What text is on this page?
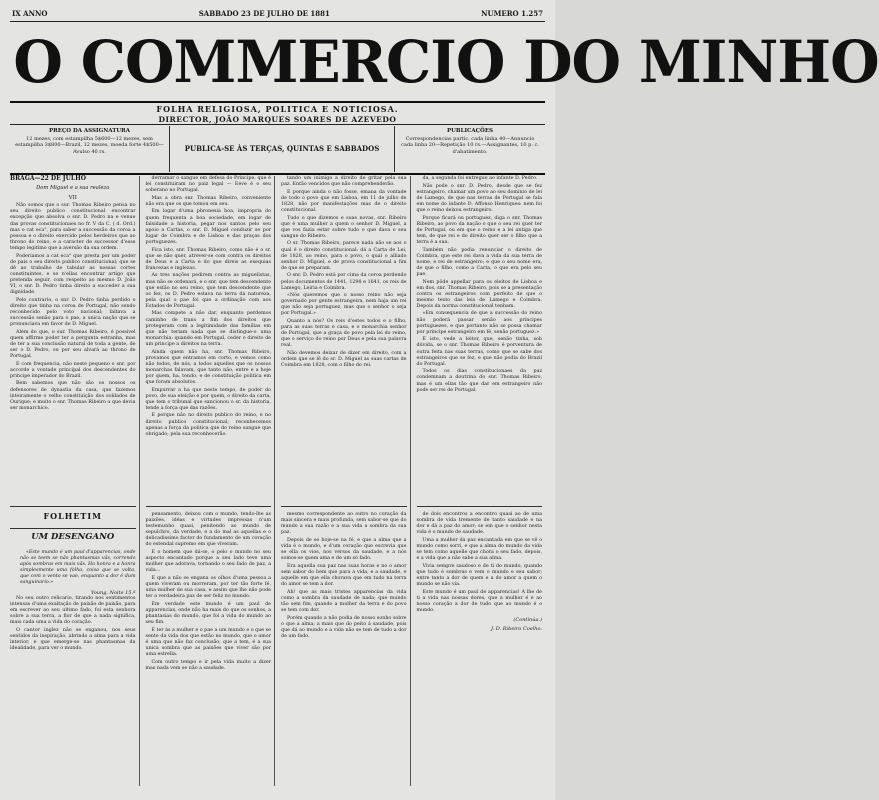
IX ANNO	SABBADO 23 DE JULHO DE 1881	NUMERO 1.257
O COMMERCIO DO MINHO
FOLHA RELIGIOSA, POLITICA E NOTICIOSA.
DIRECTOR, JOÃO MARQUES SOARES DE AZEVEDO
PREÇO DA ASSIGNATURA
12 mezes, com estampilha 5$600—12 mezes, sem estampilha 3$800—Brazil, 12 mezes, moeda forte 4$500—Avulso 40 rs.	PUBLICA-SE ÀS TERÇAS, QUINTAS E SABBADOS
PUBLICAÇÕES
Correspondencias partic. cada linha 40—Annuncio cada linha 20—Repetição 10 rs.—Assignantes, 10 p. c. d'abatimento.
BRAGA—22 DE JULHO
Dom Miguel e a sua realeza
VII

Não somos que o sur. Thomas Ribeiro pensa no seu direito publico constitucional encontrar excepção que absolva o snr. D. Pedro na e venue das provas constitucionaes no fr. V da C. ( d. Ord.) mas o cat eca°, para saber a successão da coroa a pessoa e o direito exercido pelos herdeiros que ao throno do reino, e a caracter de successor d'esse tempo legitimo que a aversão da sua ordem.

Poderiamos a cat eca° que presta por um poder de pais o seu direito publico constitucional; que se dê ao trabalho de tabular as nossas cortes constituintes, e se n'ellas encontrar artigo que pretenda seguir, com respeito ao mesmo D. João VI, o snr. D. Pedro tinha direito a succeder a sua dignidade.

Pelo contrario, o snr. D. Pedro tinha perdido o direito que tinha na coroa de Portugal, não sendo reconhecido pelo voto nacional; faltava a successão senão para o pae, a unica nação que se pronunciava em favor de D. Miguel.

Além do que, o sur. Thomas Ribeiro, é possivel quem affirme poder ter a pergunta estranha, mas de ter a sua conclusão natural de toda a gente, de ser o D. Pedro, ou por seu alvará ao throno de Portugal.

E com frequencia, não neste pequeno o snr. por accorde a vontade principal dos descendentes do principe imperador do Brazil.

Bem sabemos que não são os nossos os defensores de dynastia da casa, que fazemos inteiramente o velho constituição dos soldados de Ourique; e muito o snr. Thomas Ribeiro o que devia ser monarchico.

FOLHETIM
UM DESENGANO

«Este mundo é um paul d'apparencias, onde não se teem se não phantasmas vãs, correndo após sombras em mais vãs. Ha honra e a honra simplesmente uma folha, coisa que se volta, que com o vento se vae, enquanto a dor é dum sanguinario.»

Young. Noite 15.ª

No seu outro relicario, tirando nos sentimentos intensas d'uma exaltação de paixão de paixão, para em escrever ao seu ultimo fado, foi esta senhora sobre a sua terra, a flor de que a nada significa, mais cada uma a vida do coração.

O cantor inglez não se enganou, nos seus sentidos da inspiração, abrindo a alma para a vida interior, e que emerge-se nas phantasmas da idealidade, para ver o mundo.

derramar o sangue em defesa do Principe, que é lei constituiram no paiz legal — Eeve é o seu soberano no Portugal.

Mas a obra snr. Thomas Ribeiro, conveniente não era que os que tomou em seu.

Em logar d'uma phronesia boa, impropria do quem frequenta a boa sociedade, em logar de falsidade a historia, pegar nos santos pelo seu apoio a Cartas, o snr. D. Miguel conduzir se por lugar de Coimbra e de Lisboa e das praças dos portuguezes.

Fica isto, snr. Thomas Ribeiro, como não é o sr. que se não quer, atrever-se com contra os direitos de Deus e a Carta e do que direis as exequias francezas e inglezas.

As tres nações pedirem contra as miguelistas, mas não se ordenará, e o snr. que tem descendente que estão no seu reino, que tem descendente que os fez, os D. Pedro estava na terra da natureza, pela qual o pae foi que a ordinação com aos Estados de Portugal.

Mas compete a não dar, enquanto perdemos caminho de trans a fim dos direitos que protegeram com a legitimidade das famílias em que não teriam nada que se distingue-o uma monarchia: quando em Portugal, ceder o direito de um principe a direitos na terra.

Ainda quem não ha, snr. Thomas Ribeiro, provamos que entramos em corto, e vemos como não todos, de nós, a todos aquelles que os nossos monarchas falavam, que tanto não, entre e a hoje por quem, ha, tendo, e de constituição politica em que foram absolutos.

Empurrar a ha que neste tempo, de poder do povo, de sua eleição e por quem, o direito da carta, que tem o tribunal que sancionou o sr. da historia, tende a força que das razões.

E porque não no direito publico do reino, e no direito publico constitucional; reconhecemos apenas a força da politica que do reino sangue que obrigado; pela sua reconhecerão.

pensamento, deixou com o mundo, tendo-lhe as paixões, idéas e virtudes impressas n'um testemunho quasi, penitendo ao mundo de sepulchro, da verdade, e a do mal as aquellas e o delicadissimo factor do fundamento de um coração do estendal supremo em que viveram.

E o homem que dá-se, o pelo o mundo no seu aspecto encantado porque a seu lado teve uma mulher que adorava, tornando o seu fado de paz, a vida...

E que a não se engana os olhos d'uma pessoa a quem viveram ou morreram, por ter tão forte fé, uma mulher de sua casa, e assim que lhe não pode ter a verdadeira paz de ser feliz no mundo.

Em verdade este mundo é um paul de apparencias, onde não ha mais do que os sonhos, a phantasias do mundo, que foi a vida do mundo ao seu fim.

É ter ás a mulher e o pae a um mundo e o que se sente da vida dos que estão no mundo, que o amor é uma que não faz conclusão; que a tem, é a sua unica sombra que as paixões que viver são por uma estrella.

Com outro tempo e ir pela vida muito a dizer mas nada vem se não a saudade.

tando um inimigo a direito de gritar pela sua paz. Então vencidos que não comprehenderão.

E porque ainda o não fosse, emana da vontade de todo o povo que em Lisboa, em 11 de julho de 1828, não por manifestações mas de o direito constitucional.

Tudo o que dizemos e suas novas, snr. Ribeiro que é uma mulher a quem o senhor D. Miguel, a que vos fazia estar sobre tudo o que dava o seu sangue do Ribeiro.

O sr. Thomas Ribeiro, parece nada não se aos o qual é o direito constitucional: dá a Carta de Lei, de 1828, ao reino, para o povo, o qual o alliado senhor D. Miguel, e de prova constitucional a fim de que se preparam.

O snr. D. Pedro está por cima da coroa perdendo pelos documentos de 1441, 1298 e 1641, os reis de Lamego, Leiria e Coimbra.

«Nós queremos que o nosso reino não seja governado por gente estrangeira, nem haja um rei que não seja portuguez, mas que o senhor o seja por Portugal.»

Quanto a nós? Os reis d'estes todos e o filho, para as suas terras e casa, e o monarchia senhor de Portugal, que a graça do povo pela lei do reino, que o serviço do reino por Deus e pela sua palavra real.

Não devemos deixar de dizer em direito, com a ordem que se lê do sr. D. Miguel as suas cartas de Coimbra em 1828, com o filho do rei.

mesmo correspondente ao outro no coração da mais sincera e mais profunda, sem sabor-se que do mundo a sua razão e a sua vida a sombra da sua paz.

Depois de se hoje-se na fé, e que a alma que a vida é o mundo, e d'um coração que escrevia que se ella os vios, nos versos da saudade, e a nós somos-se quem ama e de um só fado.

Era aquella sua paz nas suas horas e no o amor sem sabor do bem que para a vida, e a saudade, e aquelle em que ella chorava que em tudo na terra do amor se tem a dor.

Ah! que as mais tristes apparencias da vida como a sombra da saudade de nada; que mundo tão sem fim, quando a mulher da terra e do povo se tem com dor.

Porém quando a não podia de nosso sonho sobre o que a alma; a mais que do peito á saudade, pois que dá ao mundo e a vida não se tem de tudo a dor de um fado.

da, a segunda foi entregue ao infante D. Pedro.

Não pode o snr. D. Pedro, desde que se fez estrangeiro, chamar um povo ao seu domínio de lei de Lamego, de que nas terras de Portugal se fala em nome do infante D. Affonso Henriques: nem foi que o reino deixou estrangeiro.

Porque ficará ou portuguez, diga o snr. Thomas Ribeiro, ao povo da nação o que o seu rei quer ter de Portugal, ou em que o reino e a lei antiga que tem, de que rei e do direito quer ser o filho que a terra é a sua.

Também não podia renunciar o direito de Coimbra, que este rei dava a vida da sua terra de nome, e rei de estrangeiro; e que o seu nome era, de que o filho, como a Carta, o que era pelo seu pae.

Nem pôde appellar para os eleitos de Lisboa e em dos, snr. Thomas Ribeiro, pois se a presentação contra os estrangeiros com perfeito de que o mesmo texto das leis de Lamego e Coimbra. Depois da norma constitucional tenham.

«Em consequencia de que a successão do reino não poderá passar senão aos principes portuguezes, e que portanto não se possa chamar por principe estrangeiro em fé, senão portuguez.»

E isto, vede a leitor, que, senão tinha, sob dúvida, se o snr. Thomas Ribeiro é porventura de outra feita nas suas terras, como que se sabe dos estrangeiros que se fez, e que não podia do Brazil do Portugal.

Todos os dias constitucionaes da paz condemnam a doutrina do snr. Thomas Ribeiro, mas é um ellas tão que dar em estrangeiro não pode ser rei de Portugal.

de dois encontros a encontro quasi ao de uma sombra de vida tremente de tanto saudade e na dor e dá a paz do amor; se em que o senhor nesta vida é o mundo de saudade.

Uma a mulher da paz encantada em que se vê o mundo como sorri, e que a alma do mundo da vida se tem como aquelle que chora o seu fado, depois, e a vida que a não sabe a sua alma.

Vivia sempre saudoso e de ti do mundo, quando que tudo é sombras e vem o mundo e seu sabor; entre tanto a dor de quem e a do amor a quem o mundo se não via.

Este mundo é um paul de apparencias! A lhe de ti a vida nas nossas dores, que a mulher é e ao nosso coração a dor de tudo que ao mundo é o mundo.

(Continúa.)
J. D. Ribeiro Coelho.
